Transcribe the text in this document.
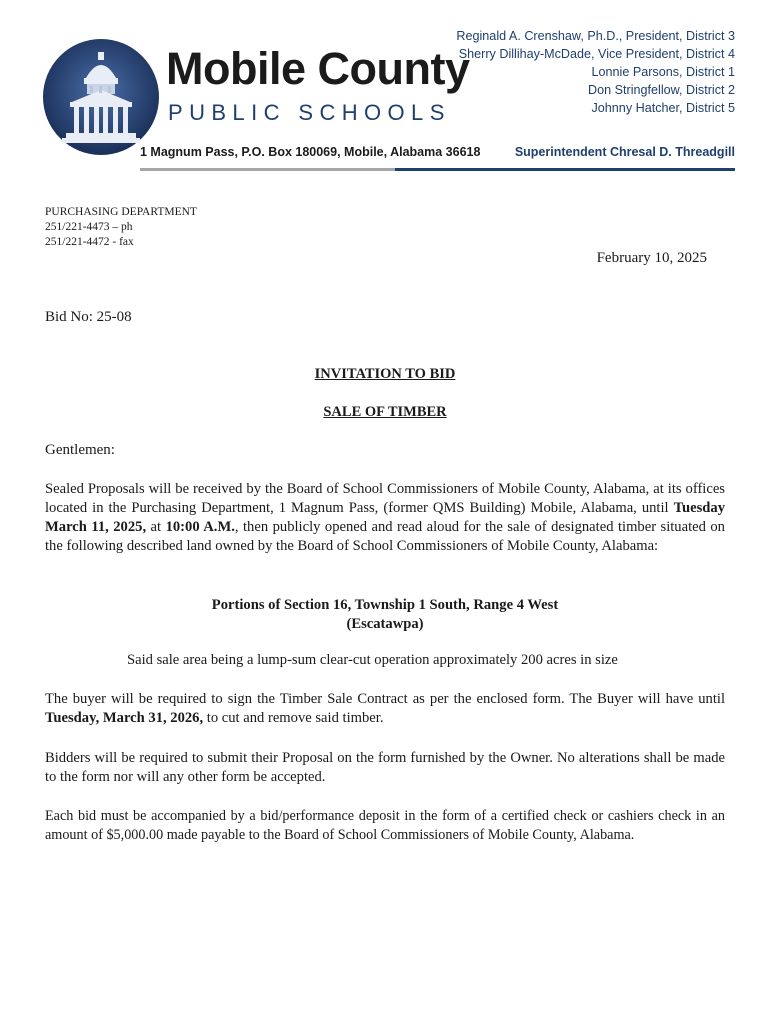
Mobile County
PUBLIC SCHOOLS
Reginald A. Crenshaw, Ph.D., President, District 3
Sherry Dillihay-McDade, Vice President, District 4
Lonnie Parsons, District 1
Don Stringfellow, District 2
Johnny Hatcher, District 5
1 Magnum Pass, P.O. Box 180069, Mobile, Alabama 36618	Superintendent Chresal D. Threadgill
PURCHASING DEPARTMENT
251/221-4473 – ph
251/221-4472 - fax
February 10, 2025
Bid No: 25-08
INVITATION TO BID
SALE OF TIMBER
Gentlemen:
Sealed Proposals will be received by the Board of School Commissioners of Mobile County, Alabama, at its offices located in the Purchasing Department, 1 Magnum Pass, (former QMS Building) Mobile, Alabama, until Tuesday March 11, 2025, at 10:00 A.M., then publicly opened and read aloud for the sale of designated timber situated on the following described land owned by the Board of School Commissioners of Mobile County, Alabama:
Portions of Section 16, Township 1 South, Range 4 West
(Escatawpa)
Said sale area being a lump-sum clear-cut operation approximately 200 acres in size
The buyer will be required to sign the Timber Sale Contract as per the enclosed form. The Buyer will have until Tuesday, March 31, 2026, to cut and remove said timber.
Bidders will be required to submit their Proposal on the form furnished by the Owner. No alterations shall be made to the form nor will any other form be accepted.
Each bid must be accompanied by a bid/performance deposit in the form of a certified check or cashiers check in an amount of $5,000.00 made payable to the Board of School Commissioners of Mobile County, Alabama.
